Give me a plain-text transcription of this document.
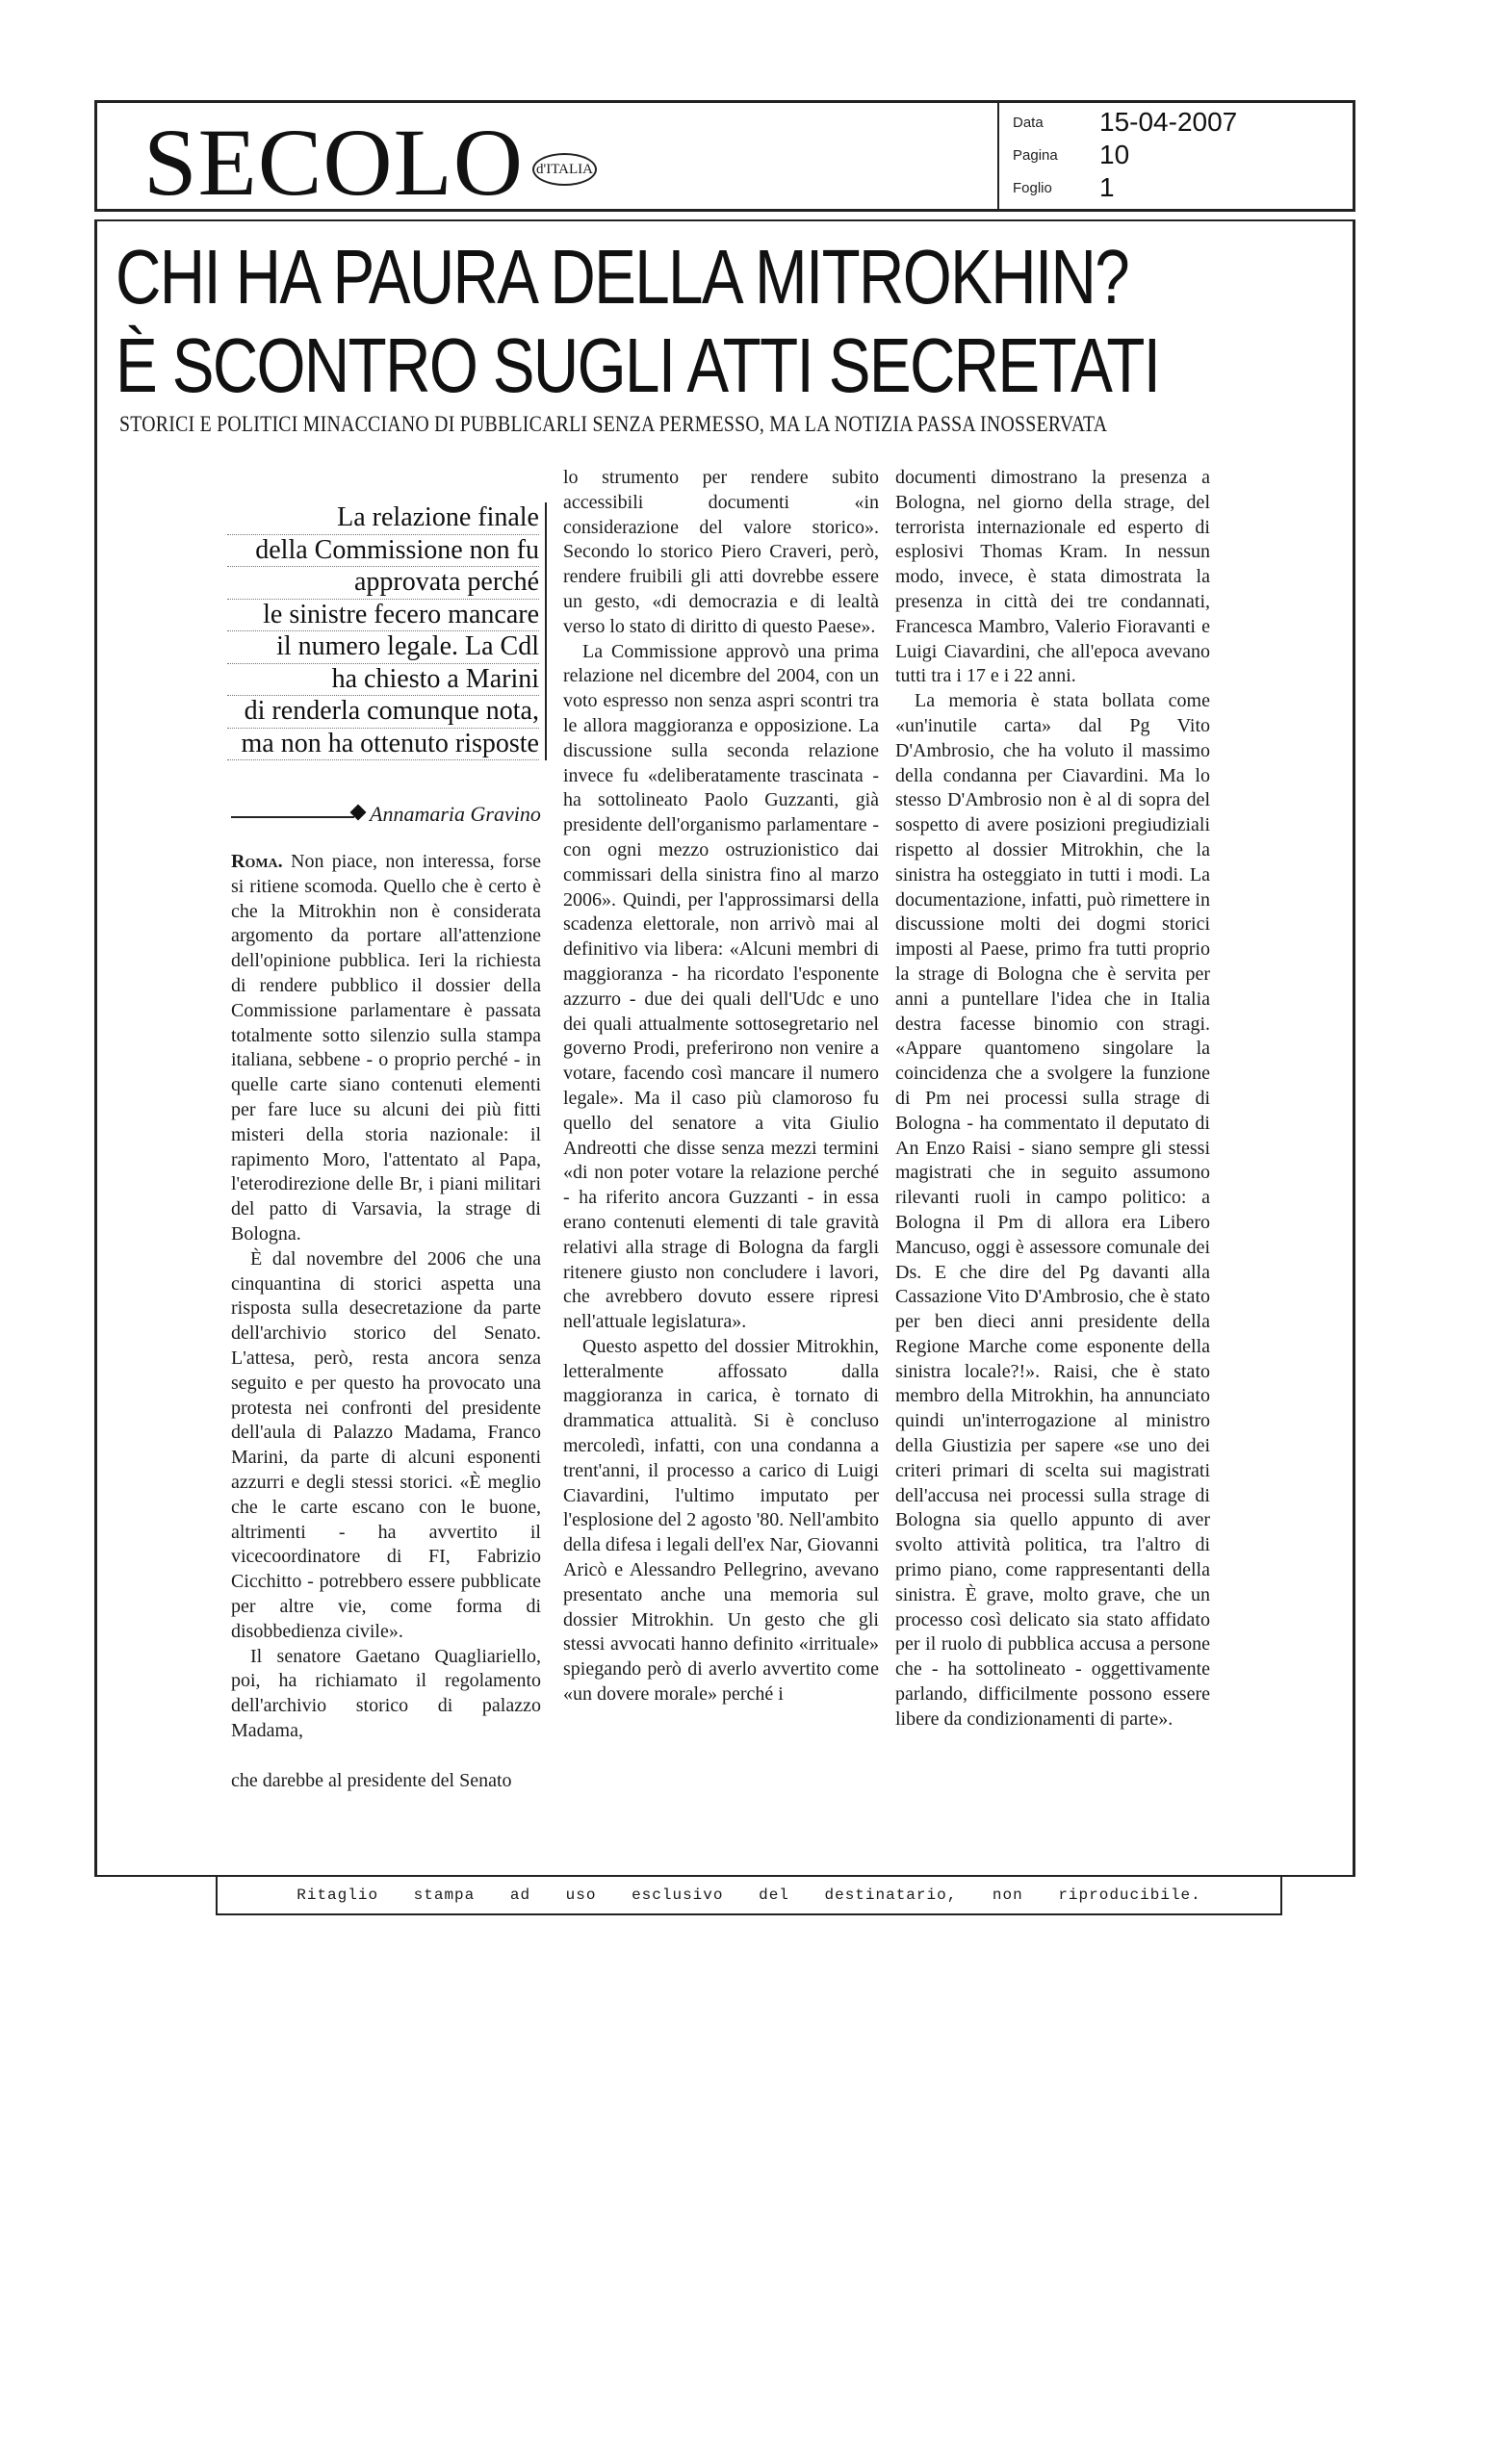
SECOLO d'ITALIA
Data 15-04-2007
Pagina 10
Foglio 1
CHI HA PAURA DELLA MITROKHIN?
È SCONTRO SUGLI ATTI SECRETATI
STORICI E POLITICI MINACCIANO DI PUBBLICARLI SENZA PERMESSO, MA LA NOTIZIA PASSA INOSSERVATA
La relazione finale
della Commissione non fu
approvata perché
le sinistre fecero mancare
il numero legale. La Cdl
ha chiesto a Marini
di renderla comunque nota,
ma non ha ottenuto risposte
Annamaria Gravino

Roma. Non piace, non interessa, forse si ritiene scomoda. Quello che è certo è che la Mitrokhin non è considerata argomento da portare all'attenzione dell'opinione pubblica. Ieri la richiesta di rendere pubblico il dossier della Commissione parlamentare è passata totalmente sotto silenzio sulla stampa italiana, sebbene - o proprio perché - in quelle carte siano contenuti elementi per fare luce su alcuni dei più fitti misteri della storia nazionale: il rapimento Moro, l'attentato al Papa, l'eterodirezione delle Br, i piani militari del patto di Varsavia, la strage di Bologna.

È dal novembre del 2006 che una cinquantina di storici aspetta una risposta sulla desecretazione da parte dell'archivio storico del Senato. L'attesa, però, resta ancora senza seguito e per questo ha provocato una protesta nei confronti del presidente dell'aula di Palazzo Madama, Franco Marini, da parte di alcuni esponenti azzurri e degli stessi storici. «È meglio che le carte escano con le buone, altrimenti - ha avvertito il vicecoordinatore di FI, Fabrizio Cicchitto - potrebbero essere pubblicate per altre vie, come forma di disobbedienza civile».

Il senatore Gaetano Quagliariello, poi, ha richiamato il regolamento dell'archivio storico di palazzo Madama,

che darebbe al presidente del Senato

lo strumento per rendere subito accessibili documenti «in considerazione del valore storico». Secondo lo storico Piero Craveri, però, rendere fruibili gli atti dovrebbe essere un gesto, «di democrazia e di lealtà verso lo stato di diritto di questo Paese».

La Commissione approvò una prima relazione nel dicembre del 2004, con un voto espresso non senza aspri scontri tra le allora maggioranza e opposizione. La discussione sulla seconda relazione invece fu «deliberatamente trascinata - ha sottolineato Paolo Guzzanti, già presidente dell'organismo parlamentare - con ogni mezzo ostruzionistico dai commissari della sinistra fino al marzo 2006». Quindi, per l'approssimarsi della scadenza elettorale, non arrivò mai al definitivo via libera: «Alcuni membri di maggioranza - ha ricordato l'esponente azzurro - due dei quali dell'Udc e uno dei quali attualmente sottosegretario nel governo Prodi, preferirono non venire a votare, facendo così mancare il numero legale». Ma il caso più clamoroso fu quello del senatore a vita Giulio Andreotti che disse senza mezzi termini «di non poter votare la relazione perché - ha riferito ancora Guzzanti - in essa erano contenuti elementi di tale gravità relativi alla strage di Bologna da fargli ritenere giusto non concludere i lavori, che avrebbero dovuto essere ripresi nell'attuale legislatura».

Questo aspetto del dossier Mitrokhin, letteralmente affossato dalla maggioranza in carica, è tornato di drammatica attualità. Si è concluso mercoledì, infatti, con una condanna a trent'anni, il processo a carico di Luigi Ciavardini, l'ultimo imputato per l'esplosione del 2 agosto '80. Nell'ambito della difesa i legali dell'ex Nar, Giovanni Aricò e Alessandro Pellegrino, avevano presentato anche una memoria sul dossier Mitrokhin. Un gesto che gli stessi avvocati hanno definito «irrituale» spiegando però di averlo avvertito come «un dovere morale» perché i

documenti dimostrano la presenza a Bologna, nel giorno della strage, del terrorista internazionale ed esperto di esplosivi Thomas Kram. In nessun modo, invece, è stata dimostrata la presenza in città dei tre condannati, Francesca Mambro, Valerio Fioravanti e Luigi Ciavardini, che all'epoca avevano tutti tra i 17 e i 22 anni.

La memoria è stata bollata come «un'inutile carta» dal Pg Vito D'Ambrosio, che ha voluto il massimo della condanna per Ciavardini. Ma lo stesso D'Ambrosio non è al di sopra del sospetto di avere posizioni pregiudiziali rispetto al dossier Mitrokhin, che la sinistra ha osteggiato in tutti i modi. La documentazione, infatti, può rimettere in discussione molti dei dogmi storici imposti al Paese, primo fra tutti proprio la strage di Bologna che è servita per anni a puntellare l'idea che in Italia destra facesse binomio con stragi. «Appare quantomeno singolare la coincidenza che a svolgere la funzione di Pm nei processi sulla strage di Bologna - ha commentato il deputato di An Enzo Raisi - siano sempre gli stessi magistrati che in seguito assumono rilevanti ruoli in campo politico: a Bologna il Pm di allora era Libero Mancuso, oggi è assessore comunale dei Ds. E che dire del Pg davanti alla Cassazione Vito D'Ambrosio, che è stato per ben dieci anni presidente della Regione Marche come esponente della sinistra locale?!». Raisi, che è stato membro della Mitrokhin, ha annunciato quindi un'interrogazione al ministro della Giustizia per sapere «se uno dei criteri primari di scelta sui magistrati dell'accusa nei processi sulla strage di Bologna sia quello appunto di aver svolto attività politica, tra l'altro di primo piano, come rappresentanti della sinistra. È grave, molto grave, che un processo così delicato sia stato affidato per il ruolo di pubblica accusa a persone che - ha sottolineato - oggettivamente parlando, difficilmente possono essere libere da condizionamenti di parte».

Ritaglio stampa ad uso esclusivo del destinatario, non riproducibile.
